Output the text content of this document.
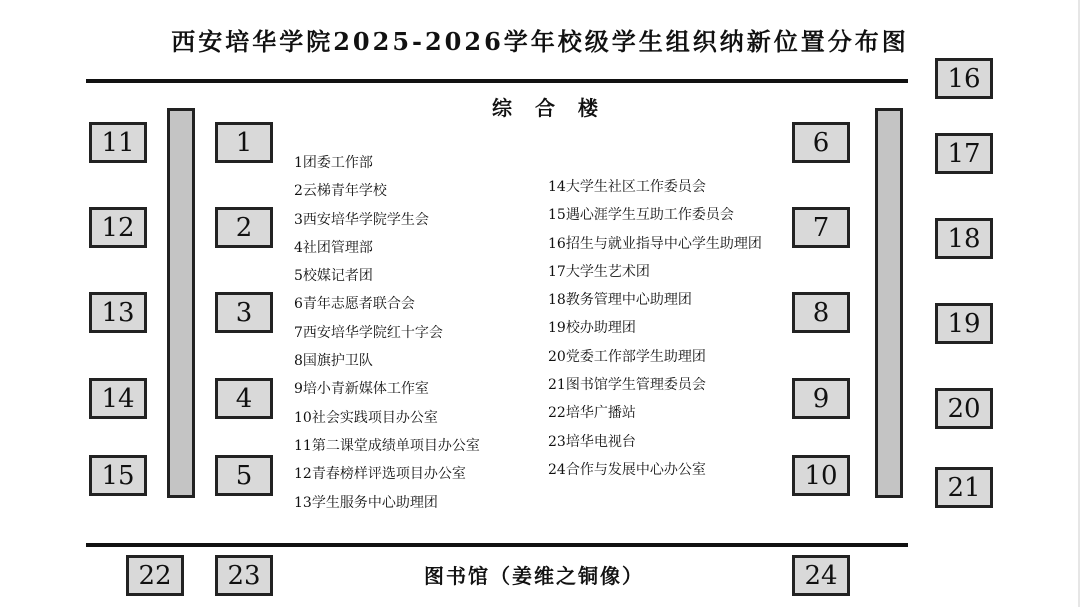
西安培华学院2025-2026学年校级学生组织纳新位置分布图
综 合 楼
图书馆（姜维之铜像）
11
12
13
14
15
1
2
3
4
5
6
7
8
9
10
16
17
18
19
20
21
22	23	24
1团委工作部
2云梯青年学校
3西安培华学院学生会
4社团管理部
5校媒记者团
6青年志愿者联合会
7西安培华学院红十字会
8国旗护卫队
9培小青新媒体工作室
10社会实践项目办公室
11第二课堂成绩单项目办公室
12青春榜样评选项目办公室
13学生服务中心助理团
14大学生社区工作委员会
15遇心涯学生互助工作委员会
16招生与就业指导中心学生助理团
17大学生艺术团
18教务管理中心助理团
19校办助理团
20党委工作部学生助理团
21图书馆学生管理委员会
22培华广播站
23培华电视台
24合作与发展中心办公室
